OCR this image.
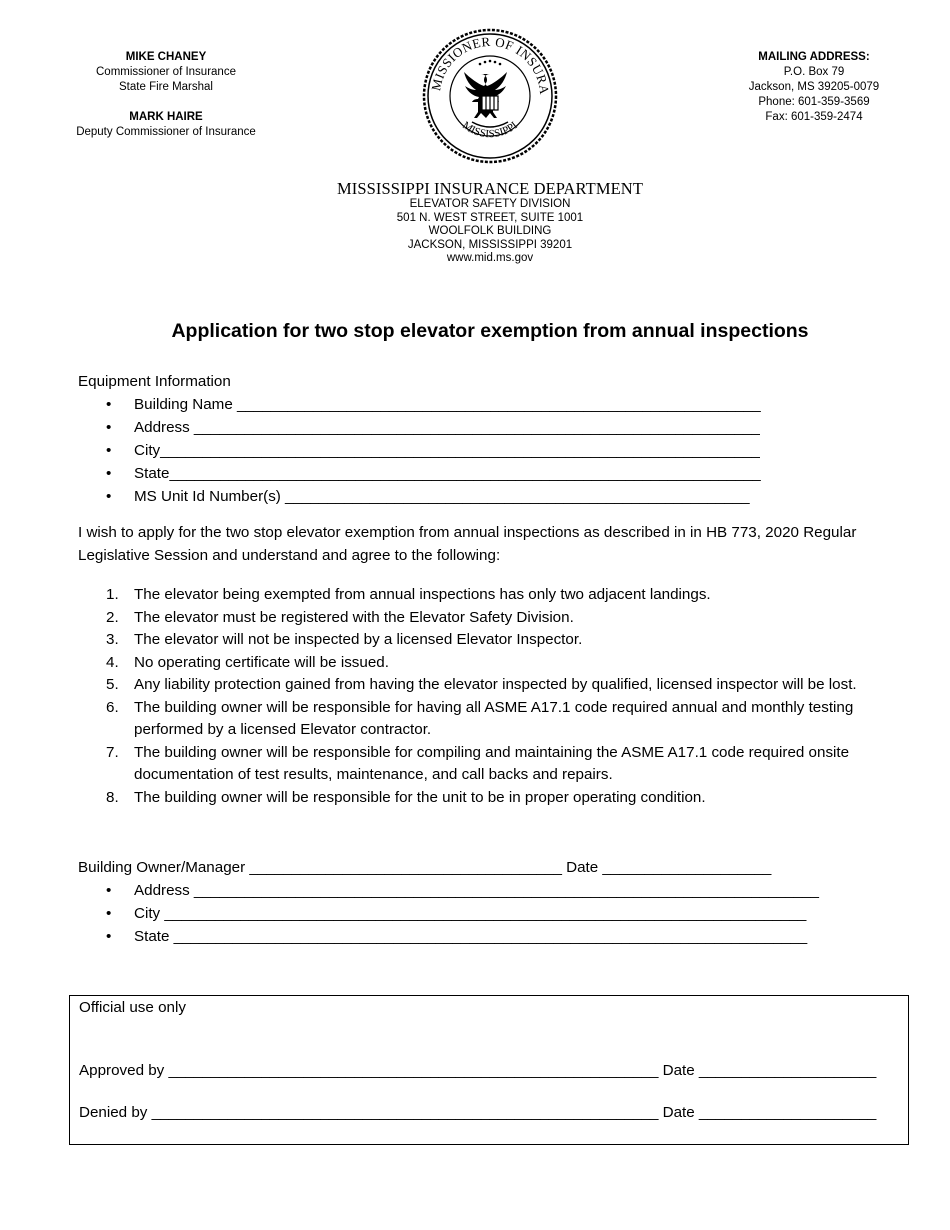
MIKE CHANEY
Commissioner of Insurance
State Fire Marshal
MARK HAIRE
Deputy Commissioner of Insurance
MISSIONER OF INSURA
MISSISSIPPI
MAILING ADDRESS:
P.O. Box 79
Jackson, MS 39205-0079
Phone: 601-359-3569
Fax: 601-359-2474
MISSISSIPPI INSURANCE DEPARTMENT
ELEVATOR SAFETY DIVISION
501 N. WEST STREET, SUITE 1001
WOOLFOLK BUILDING
JACKSON, MISSISSIPPI 39201
www.mid.ms.gov
Application for two stop elevator exemption from annual inspections
Equipment Information
• Building Name ______________________________________________________________
• Address ___________________________________________________________________
• City_______________________________________________________________________
• State______________________________________________________________________
• MS Unit Id Number(s) _______________________________________________________
I wish to apply for the two stop elevator exemption from annual inspections as described in in HB 773, 2020 Regular Legislative Session and understand and agree to the following:
1. The elevator being exempted from annual inspections has only two adjacent landings.
2. The elevator must be registered with the Elevator Safety Division.
3. The elevator will not be inspected by a licensed Elevator Inspector.
4. No operating certificate will be issued.
5. Any liability protection gained from having the elevator inspected by qualified, licensed inspector will be lost.
6. The building owner will be responsible for having all ASME A17.1 code required annual and monthly testing performed by a licensed Elevator contractor.
7. The building owner will be responsible for compiling and maintaining the ASME A17.1 code required onsite documentation of test results, maintenance, and call backs and repairs.
8. The building owner will be responsible for the unit to be in proper operating condition.
Building Owner/Manager _____________________________________ Date ____________________
• Address __________________________________________________________________________
• City ____________________________________________________________________________
• State ___________________________________________________________________________
Official use only
Approved by __________________________________________________________ Date _____________________
Denied by ____________________________________________________________ Date _____________________
